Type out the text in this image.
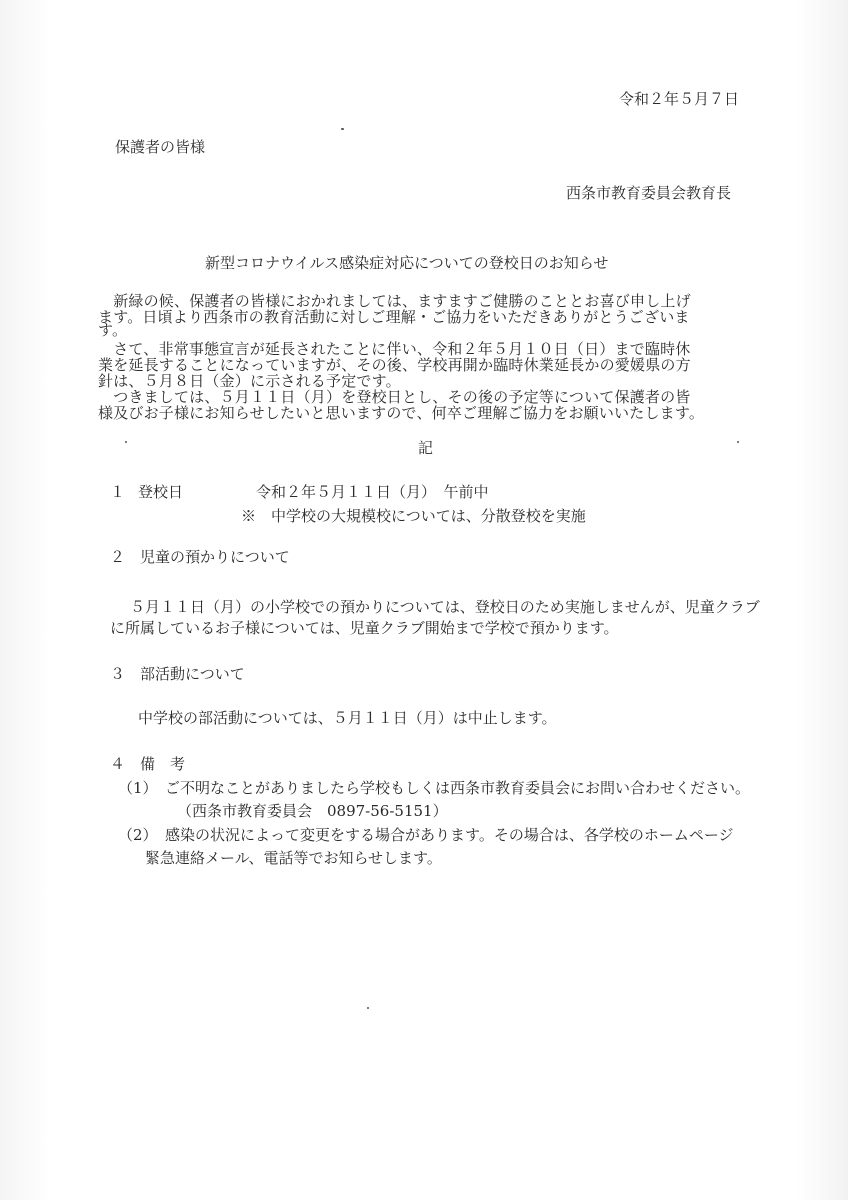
令和２年５月７日
保護者の皆様
西条市教育委員会教育長
新型コロナウイルス感染症対応についての登校日のお知らせ
　新緑の候、保護者の皆様におかれましては、ますますご健勝のこととお喜び申し上げ
ます。日頃より西条市の教育活動に対しご理解・ご協力をいただきありがとうございま
す。
　さて、非常事態宣言が延長されたことに伴い、令和２年５月１０日（日）まで臨時休
業を延長することになっていますが、その後、学校再開か臨時休業延長かの愛媛県の方
針は、５月８日（金）に示される予定です。
　つきましては、５月１１日（月）を登校日とし、その後の予定等について保護者の皆
様及びお子様にお知らせしたいと思いますので、何卒ご理解ご協力をお願いいたします。
記
１ 登校日	令和２年５月１１日（月）　午前中
※　中学校の大規模校については、分散登校を実施
２　児童の預かりについて
５月１１日（月）の小学校での預かりについては、登校日のため実施しませんが、児童クラブ
に所属しているお子様については、児童クラブ開始まで学校で預かります。
３　部活動について
中学校の部活動については、５月１１日（月）は中止します。
４　備　考
（1）　ご不明なことがありましたら学校もしくは西条市教育委員会にお問い合わせください。
（西条市教育委員会　0897-56-5151）
（2）　感染の状況によって変更をする場合があります。その場合は、各学校のホームページ
緊急連絡メール、電話等でお知らせします。
